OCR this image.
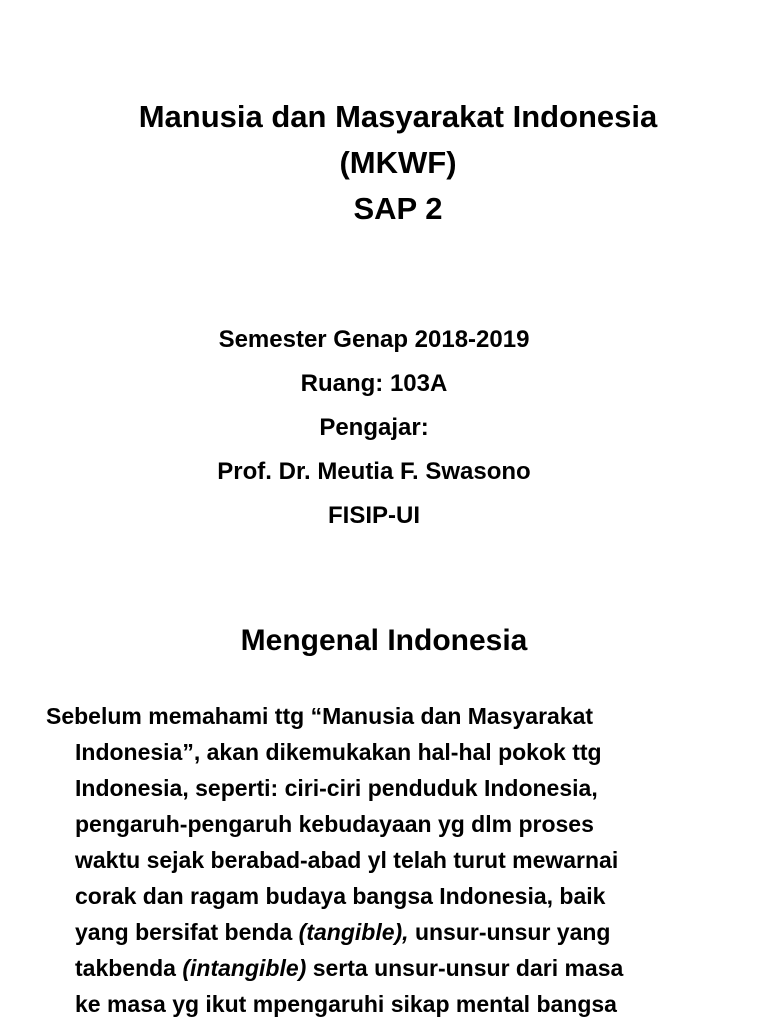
Manusia dan Masyarakat Indonesia
(MKWF)
SAP 2
Semester Genap 2018-2019
Ruang: 103A
Pengajar:
Prof. Dr. Meutia F. Swasono
FISIP-UI
Mengenal Indonesia
Sebelum memahami ttg “Manusia dan Masyarakat
Indonesia”, akan dikemukakan hal-hal pokok ttg
Indonesia, seperti: ciri-ciri penduduk Indonesia,
pengaruh-pengaruh kebudayaan yg dlm proses
waktu sejak berabad-abad yl telah turut mewarnai
corak dan ragam budaya bangsa Indonesia, baik
yang bersifat benda (tangible), unsur-unsur yang
takbenda (intangible) serta unsur-unsur dari masa
ke masa yg ikut mpengaruhi sikap mental bangsa
